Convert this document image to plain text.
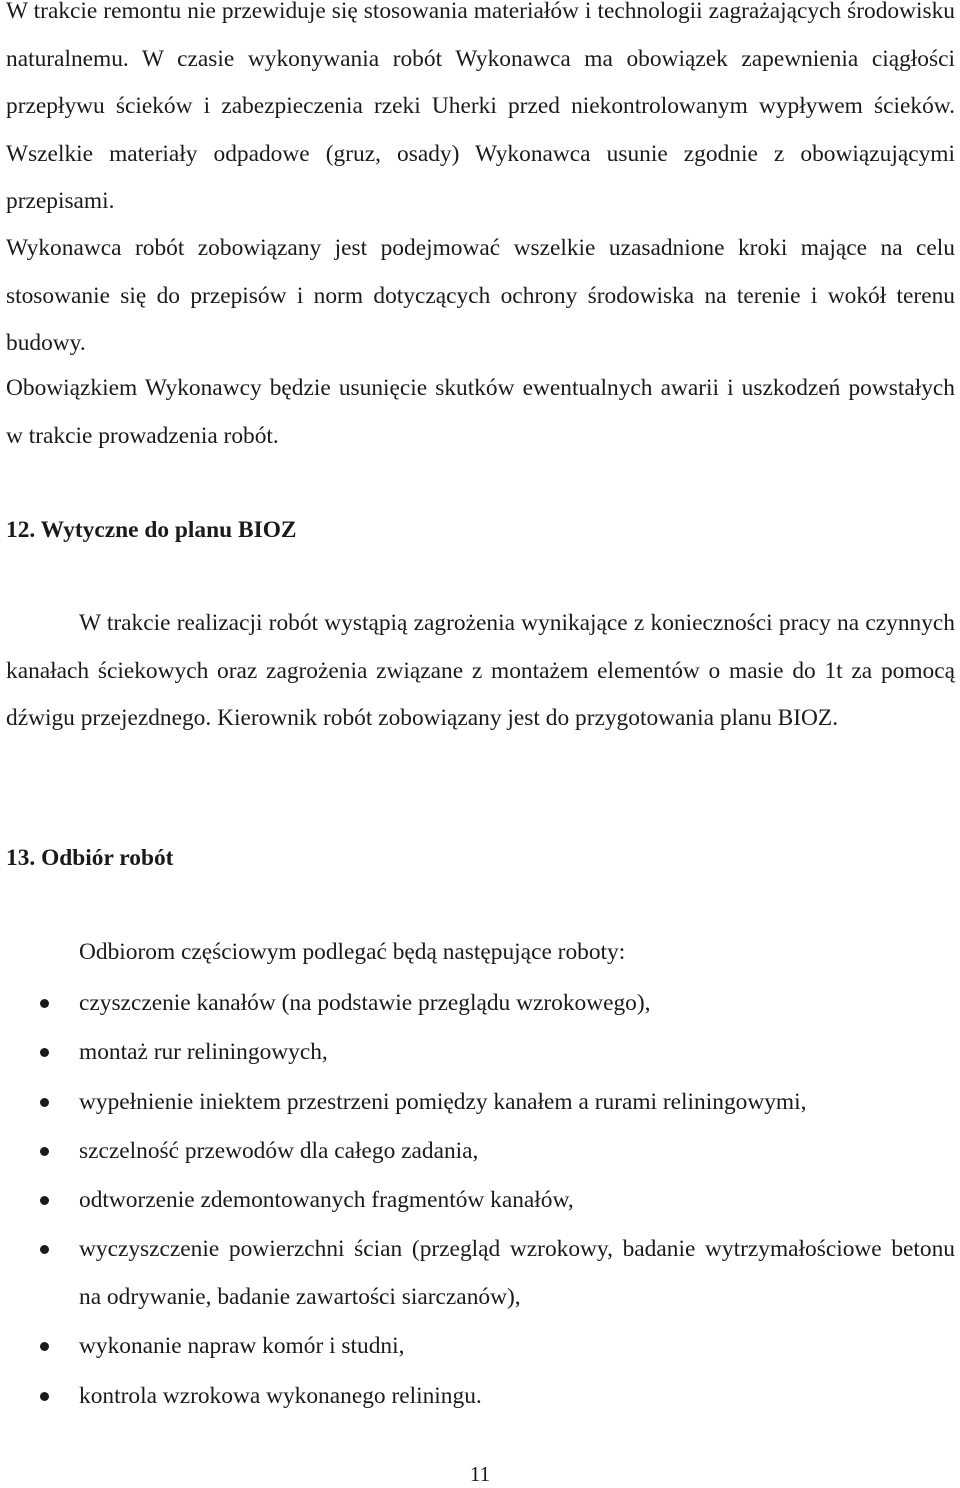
W trakcie remontu nie przewiduje się stosowania materiałów i technologii zagrażających środowisku naturalnemu. W czasie wykonywania robót Wykonawca ma obowiązek zapewnienia ciągłości przepływu ścieków i zabezpieczenia rzeki Uherki przed niekontrolowanym wypływem ścieków. Wszelkie materiały odpadowe (gruz, osady) Wykonawca usunie zgodnie z obowiązującymi przepisami.

Wykonawca robót zobowiązany jest podejmować wszelkie uzasadnione kroki mające na celu stosowanie się do przepisów i norm dotyczących ochrony środowiska na terenie i wokół terenu budowy.

Obowiązkiem Wykonawcy będzie usunięcie skutków ewentualnych awarii i uszkodzeń powstałych w trakcie prowadzenia robót.

12. Wytyczne do planu BIOZ

W trakcie realizacji robót wystąpią zagrożenia wynikające z konieczności pracy na czynnych kanałach ściekowych oraz zagrożenia związane z montażem elementów o masie do 1t za pomocą dźwigu przejezdnego. Kierownik robót zobowiązany jest do przygotowania planu BIOZ.

13. Odbiór robót

Odbiorom częściowym podlegać będą następujące roboty:

czyszczenie kanałów (na podstawie przeglądu wzrokowego),
montaż rur reliningowych,
wypełnienie iniektem przestrzeni pomiędzy kanałem a rurami reliningowymi,
szczelność przewodów dla całego zadania,
odtworzenie zdemontowanych fragmentów kanałów,
wyczyszczenie powierzchni ścian (przegląd wzrokowy, badanie wytrzymałościowe betonu na odrywanie, badanie zawartości siarczanów),
wykonanie napraw komór i studni,
kontrola wzrokowa wykonanego reliningu.

11
